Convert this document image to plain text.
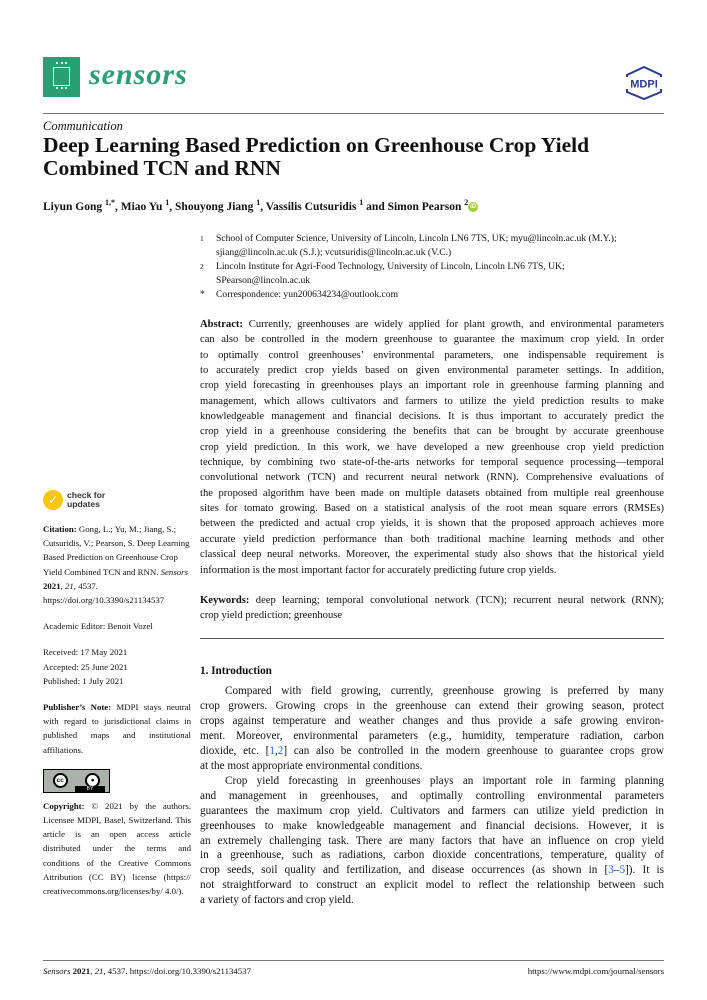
sensors	MDPI
Communication
Deep Learning Based Prediction on Greenhouse Crop Yield Combined TCN and RNN
Liyun Gong $^{1,*}$, Miao Yu $^1$, Shouyong Jiang $^1$, Vassilis Cutsuridis $^1$ and Simon Pearson $^2$ iD
1	School of Computer Science, University of Lincoln, Lincoln LN6 7TS, UK; myu@lincoln.ac.uk (M.Y.);
sjiang@lincoln.ac.uk (S.J.); vcutsuridis@lincoln.ac.uk (V.C.)
2	Lincoln Institute for Agri-Food Technology, University of Lincoln, Lincoln LN6 7TS, UK;
SPearson@lincoln.ac.uk
*	Correspondence: yun200634234@outlook.com
Abstract: Currently, greenhouses are widely applied for plant growth, and environmental parameters
can also be controlled in the modern greenhouse to guarantee the maximum crop yield. In order
to optimally control greenhouses’ environmental parameters, one indispensable requirement is
to accurately predict crop yields based on given environmental parameter settings. In addition,
crop yield forecasting in greenhouses plays an important role in greenhouse farming planning and
management, which allows cultivators and farmers to utilize the yield prediction results to make
knowledgeable management and financial decisions. It is thus important to accurately predict the
crop yield in a greenhouse considering the benefits that can be brought by accurate greenhouse
crop yield prediction. In this work, we have developed a new greenhouse crop yield prediction
technique, by combining two state-of-the-arts networks for temporal sequence processing—temporal
convolutional network (TCN) and recurrent neural network (RNN). Comprehensive evaluations of
the proposed algorithm have been made on multiple datasets obtained from multiple real greenhouse
sites for tomato growing. Based on a statistical analysis of the root mean square errors (RMSEs)
between the predicted and actual crop yields, it is shown that the proposed approach achieves more
accurate yield prediction performance than both traditional machine learning methods and other
classical deep neural networks. Moreover, the experimental study also shows that the historical yield
information is the most important factor for accurately predicting future crop yields.
Keywords: deep learning; temporal convolutional network (TCN); recurrent neural network (RNN);
crop yield prediction; greenhouse
1. Introduction
Compared with field growing, currently, greenhouse growing is preferred by many
crop growers. Growing crops in the greenhouse can extend their growing season, protect
crops against temperature and weather changes and thus provide a safe growing environ-
ment. Moreover, environmental parameters (e.g., humidity, temperature radiation, carbon
dioxide, etc. [1,2] can also be controlled in the modern greenhouse to guarantee crops grow
at the most appropriate environmental conditions.
Crop yield forecasting in greenhouses plays an important role in farming planning
and management in greenhouses, and optimally controlling environmental parameters
guarantees the maximum crop yield. Cultivators and farmers can utilize yield prediction in
greenhouses to make knowledgeable management and financial decisions. However, it is
an extremely challenging task. There are many factors that have an influence on crop yield
in a greenhouse, such as radiations, carbon dioxide concentrations, temperature, quality of
crop seeds, soil quality and fertilization, and disease occurrences (as shown in [3–5]). It is
not straightforward to construct an explicit model to reflect the relationship between such
a variety of factors and crop yield.
✓	check for
updates
Citation: Gong, L.; Yu, M.; Jiang, S.; Cutsuridis, V.; Pearson, S. Deep Learning Based Prediction on Greenhouse Crop Yield Combined TCN and RNN. Sensors 2021, 21, 4537. https://doi.org/10.3390/s21134537
Academic Editor: Benoit Vozel
Received: 17 May 2021
Accepted: 25 June 2021
Published: 1 July 2021
Publisher’s Note: MDPI stays neutral with regard to jurisdictional claims in published maps and institutional affiliations.
cc	●
BY
Copyright: © 2021 by the authors. Licensee MDPI, Basel, Switzerland. This article is an open access article distributed under the terms and conditions of the Creative Commons Attribution (CC BY) license (https:// creativecommons.org/licenses/by/ 4.0/).
Sensors 2021, 21, 4537. https://doi.org/10.3390/s21134537	https://www.mdpi.com/journal/sensors
